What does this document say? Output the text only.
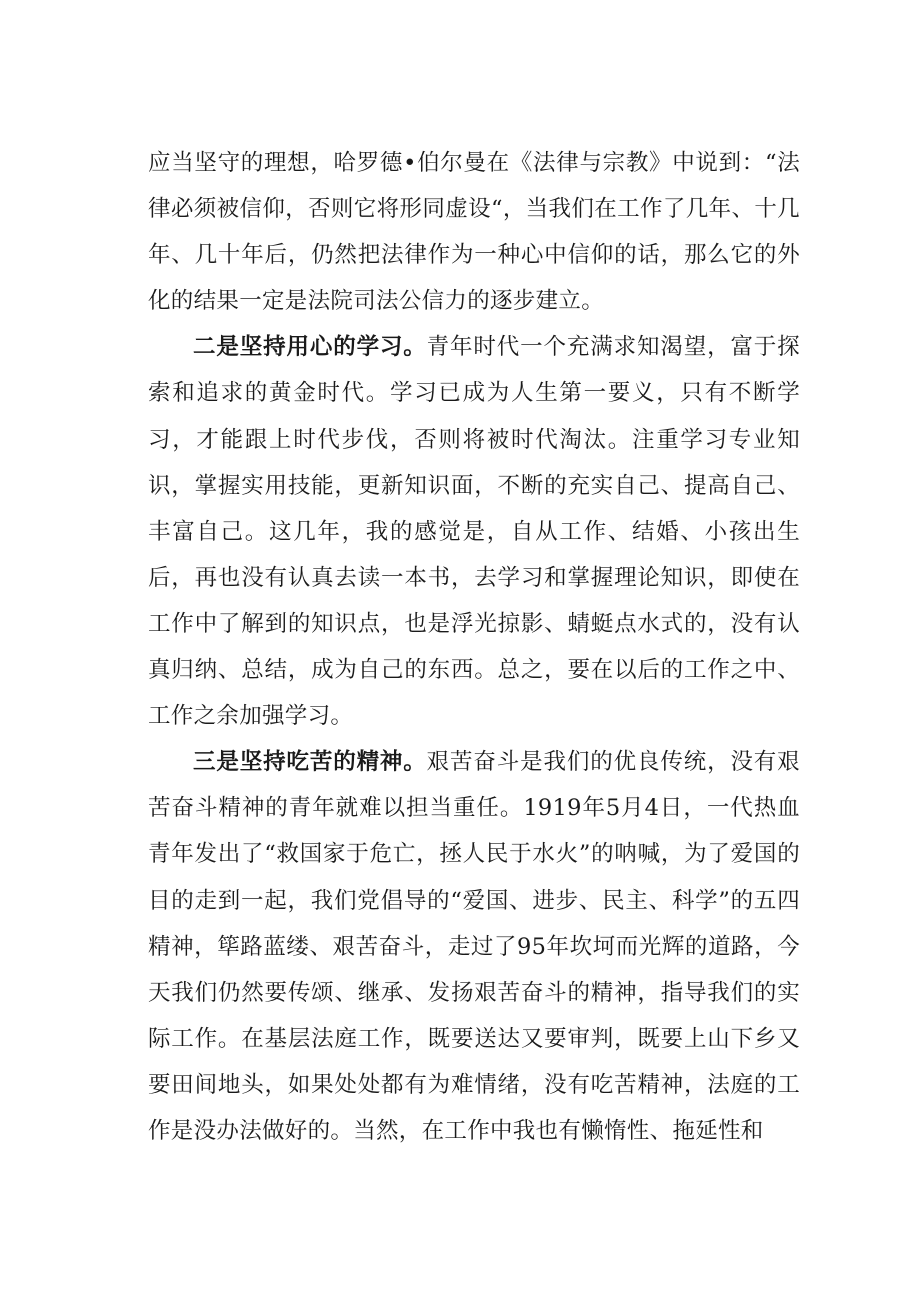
应当坚守的理想，哈罗德•伯尔曼在《法律与宗教》中说到：“法律必须被信仰，否则它将形同虚设“，当我们在工作了几年、十几年、几十年后，仍然把法律作为一种心中信仰的话，那么它的外化的结果一定是法院司法公信力的逐步建立。

二是坚持用心的学习。青年时代一个充满求知渴望，富于探索和追求的黄金时代。学习已成为人生第一要义，只有不断学习，才能跟上时代步伐，否则将被时代淘汰。注重学习专业知识，掌握实用技能，更新知识面，不断的充实自己、提高自己、丰富自己。这几年，我的感觉是，自从工作、结婚、小孩出生后，再也没有认真去读一本书，去学习和掌握理论知识，即使在工作中了解到的知识点，也是浮光掠影、蜻蜓点水式的，没有认真归纳、总结，成为自己的东西。总之，要在以后的工作之中、工作之余加强学习。

三是坚持吃苦的精神。艰苦奋斗是我们的优良传统，没有艰苦奋斗精神的青年就难以担当重任。1919年5月4日，一代热血青年发出了“救国家于危亡，拯人民于水火”的呐喊，为了爱国的目的走到一起，我们党倡导的“爱国、进步、民主、科学”的五四精神，筚路蓝缕、艰苦奋斗，走过了95年坎坷而光辉的道路，今天我们仍然要传颂、继承、发扬艰苦奋斗的精神，指导我们的实际工作。在基层法庭工作，既要送达又要审判，既要上山下乡又要田间地头，如果处处都有为难情绪，没有吃苦精神，法庭的工作是没办法做好的。当然，在工作中我也有懒惰性、拖延性和
